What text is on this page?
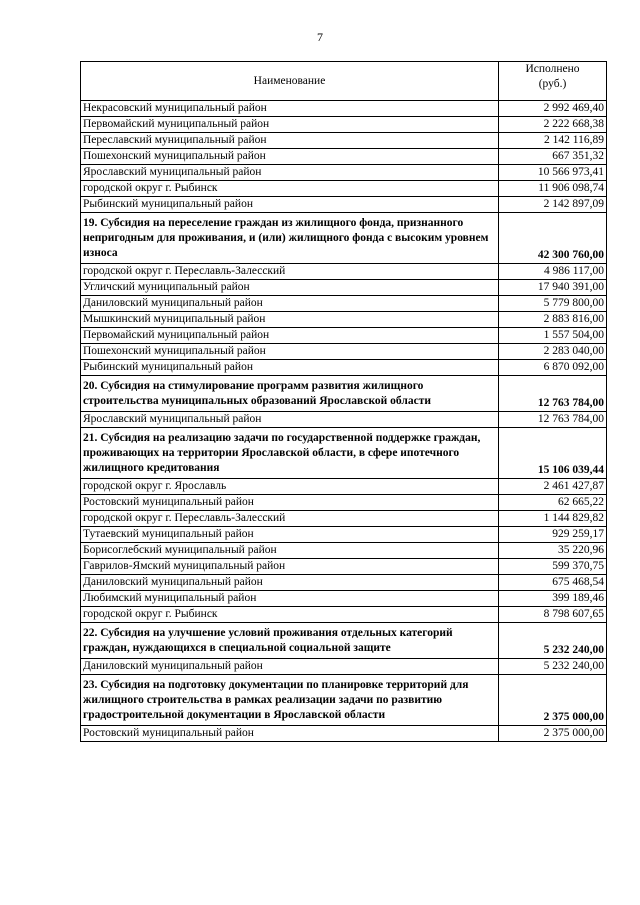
7
Наименование	Исполнено
(руб.)

Некрасовский муниципальный район	2 992 469,40
Первомайский муниципальный район	2 222 668,38
Переславский муниципальный район	2 142 116,89
Пошехонский муниципальный район	667 351,32
Ярославский муниципальный район	10 566 973,41
городской округ г. Рыбинск	11 906 098,74
Рыбинский муниципальный район	2 142 897,09
19. Субсидия на переселение граждан из жилищного фонда, признанного непригодным для проживания, и (или) жилищного фонда с высоким уровнем износа	42 300 760,00
городской округ г. Переславль-Залесский	4 986 117,00
Угличский муниципальный район	17 940 391,00
Даниловский муниципальный район	5 779 800,00
Мышкинский муниципальный район	2 883 816,00
Первомайский муниципальный район	1 557 504,00
Пошехонский муниципальный район	2 283 040,00
Рыбинский муниципальный район	6 870 092,00
20. Субсидия на стимулирование программ развития жилищного строительства муниципальных образований Ярославской области	12 763 784,00
Ярославский муниципальный район	12 763 784,00
21. Субсидия на реализацию задачи по государственной поддержке граждан, проживающих на территории Ярославской области, в сфере ипотечного жилищного кредитования	15 106 039,44
городской округ г. Ярославль	2 461 427,87
Ростовский муниципальный район	62 665,22
городской округ г. Переславль-Залесский	1 144 829,82
Тутаевский муниципальный район	929 259,17
Борисоглебский муниципальный район	35 220,96
Гаврилов-Ямский муниципальный район	599 370,75
Даниловский муниципальный район	675 468,54
Любимский муниципальный район	399 189,46
городской округ г. Рыбинск	8 798 607,65
22. Субсидия на улучшение условий проживания отдельных категорий граждан, нуждающихся в специальной социальной защите	5 232 240,00
Даниловский муниципальный район	5 232 240,00
23. Субсидия на подготовку документации по планировке территорий для жилищного строительства в рамках реализации задачи по развитию градостроительной документации в Ярославской области	2 375 000,00
Ростовский муниципальный район	2 375 000,00
